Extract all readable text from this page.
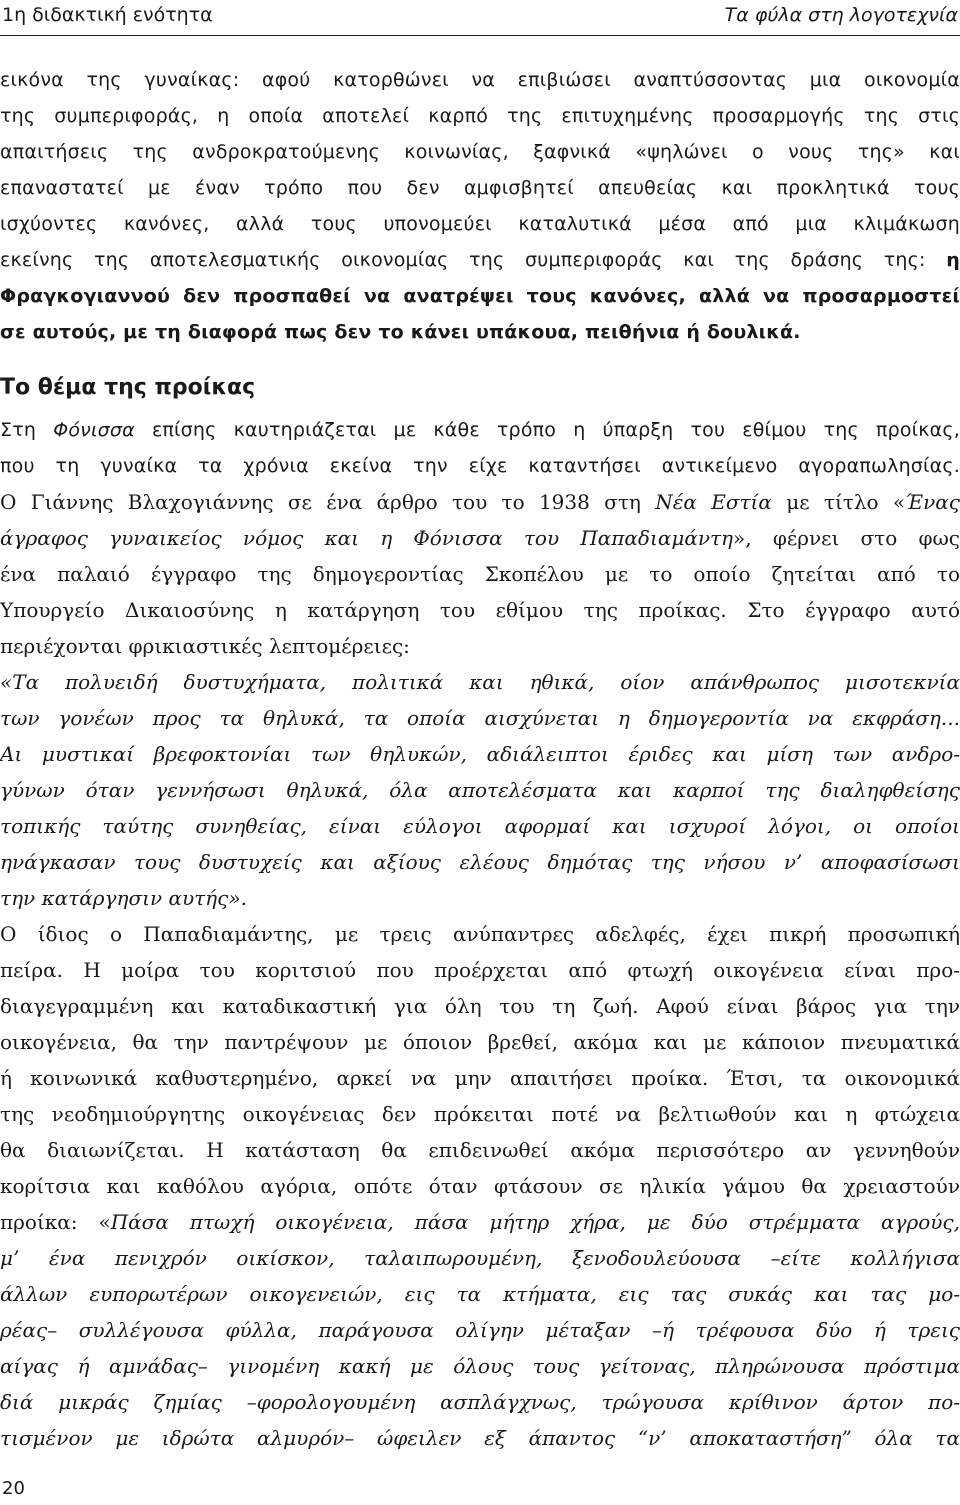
1η διδακτική ενότητα	Τα φύλα στη λογοτεχνία
εικόνα της γυναίκας: αφού κατορθώνει να επιβιώσει αναπτύσσοντας μια οικονομία
της συμπεριφοράς, η οποία αποτελεί καρπό της επιτυχημένης προσαρμογής της στις
απαιτήσεις της ανδροκρατούμενης κοινωνίας, ξαφνικά «ψηλώνει ο νους της» και
επαναστατεί με έναν τρόπο που δεν αμφισβητεί απευθείας και προκλητικά τους
ισχύοντες κανόνες, αλλά τους υπονομεύει καταλυτικά μέσα από μια κλιμάκωση
εκείνης της αποτελεσματικής οικονομίας της συμπεριφοράς και της δράσης της: η
Φραγκογιαννού δεν προσπαθεί να ανατρέψει τους κανόνες, αλλά να προσαρμοστεί
σε αυτούς, με τη διαφορά πως δεν το κάνει υπάκουα, πειθήνια ή δουλικά.
Το θέμα της προίκας
Στη Φόνισσα επίσης καυτηριάζεται με κάθε τρόπο η ύπαρξη του εθίμου της προίκας,
που τη γυναίκα τα χρόνια εκείνα την είχε καταντήσει αντικείμενο αγοραπωλησίας.
Ο Γιάννης Βλαχογιάννης σε ένα άρθρο του το 1938 στη Νέα Εστία με τίτλο «Ένας
άγραφος γυναικείος νόμος και η Φόνισσα του Παπαδιαμάντη», φέρνει στο φως
ένα παλαιό έγγραφο της δημογεροντίας Σκοπέλου με το οποίο ζητείται από το
Υπουργείο Δικαιοσύνης η κατάργηση του εθίμου της προίκας. Στο έγγραφο αυτό
περιέχονται φρικιαστικές λεπτομέρειες:
«Τα πολυειδή δυστυχήματα, πολιτικά και ηθικά, οίον απάνθρωπος μισοτεκνία
των γονέων προς τα θηλυκά, τα οποία αισχύνεται η δημογεροντία να εκφράση...
Αι μυστικαί βρεφοκτονίαι των θηλυκών, αδιάλειπτοι έριδες και μίση των ανδρο-
γύνων όταν γεννήσωσι θηλυκά, όλα αποτελέσματα και καρποί της διαληφθείσης
τοπικής ταύτης συνηθείας, είναι εύλογοι αφορμαί και ισχυροί λόγοι, οι οποίοι
ηνάγκασαν τους δυστυχείς και αξίους ελέους δημότας της νήσου ν’ αποφασίσωσι
την κατάργησιν αυτής».
Ο ίδιος ο Παπαδιαμάντης, με τρεις ανύπαντρες αδελφές, έχει πικρή προσωπική
πείρα. Η μοίρα του κοριτσιού που προέρχεται από φτωχή οικογένεια είναι προ-
διαγεγραμμένη και καταδικαστική για όλη του τη ζωή. Αφού είναι βάρος για την
οικογένεια, θα την παντρέψουν με όποιον βρεθεί, ακόμα και με κάποιον πνευματικά
ή κοινωνικά καθυστερημένο, αρκεί να μην απαιτήσει προίκα. Έτσι, τα οικονομικά
της νεοδημιούργητης οικογένειας δεν πρόκειται ποτέ να βελτιωθούν και η φτώχεια
θα διαιωνίζεται. Η κατάσταση θα επιδεινωθεί ακόμα περισσότερο αν γεννηθούν
κορίτσια και καθόλου αγόρια, οπότε όταν φτάσουν σε ηλικία γάμου θα χρειαστούν
προίκα: «Πάσα πτωχή οικογένεια, πάσα μήτηρ χήρα, με δύο στρέμματα αγρούς,
μ’ ένα πενιχρόν οικίσκον, ταλαιπωρουμένη, ξενοδουλεύουσα –είτε κολλήγισα
άλλων ευπορωτέρων οικογενειών, εις τα κτήματα, εις τας συκάς και τας μο-
ρέας– συλλέγουσα φύλλα, παράγουσα ολίγην μέταξαν –ή τρέφουσα δύο ή τρεις
αίγας ή αμνάδας– γινομένη κακή με όλους τους γείτονας, πληρώνουσα πρόστιμα
διά μικράς ζημίας –φορολογουμένη ασπλάγχνως, τρώγουσα κρίθινον άρτον πο-
τισμένον με ιδρώτα αλμυρόν– ώφειλεν εξ άπαντος “ν’ αποκαταστήση” όλα τα
20
